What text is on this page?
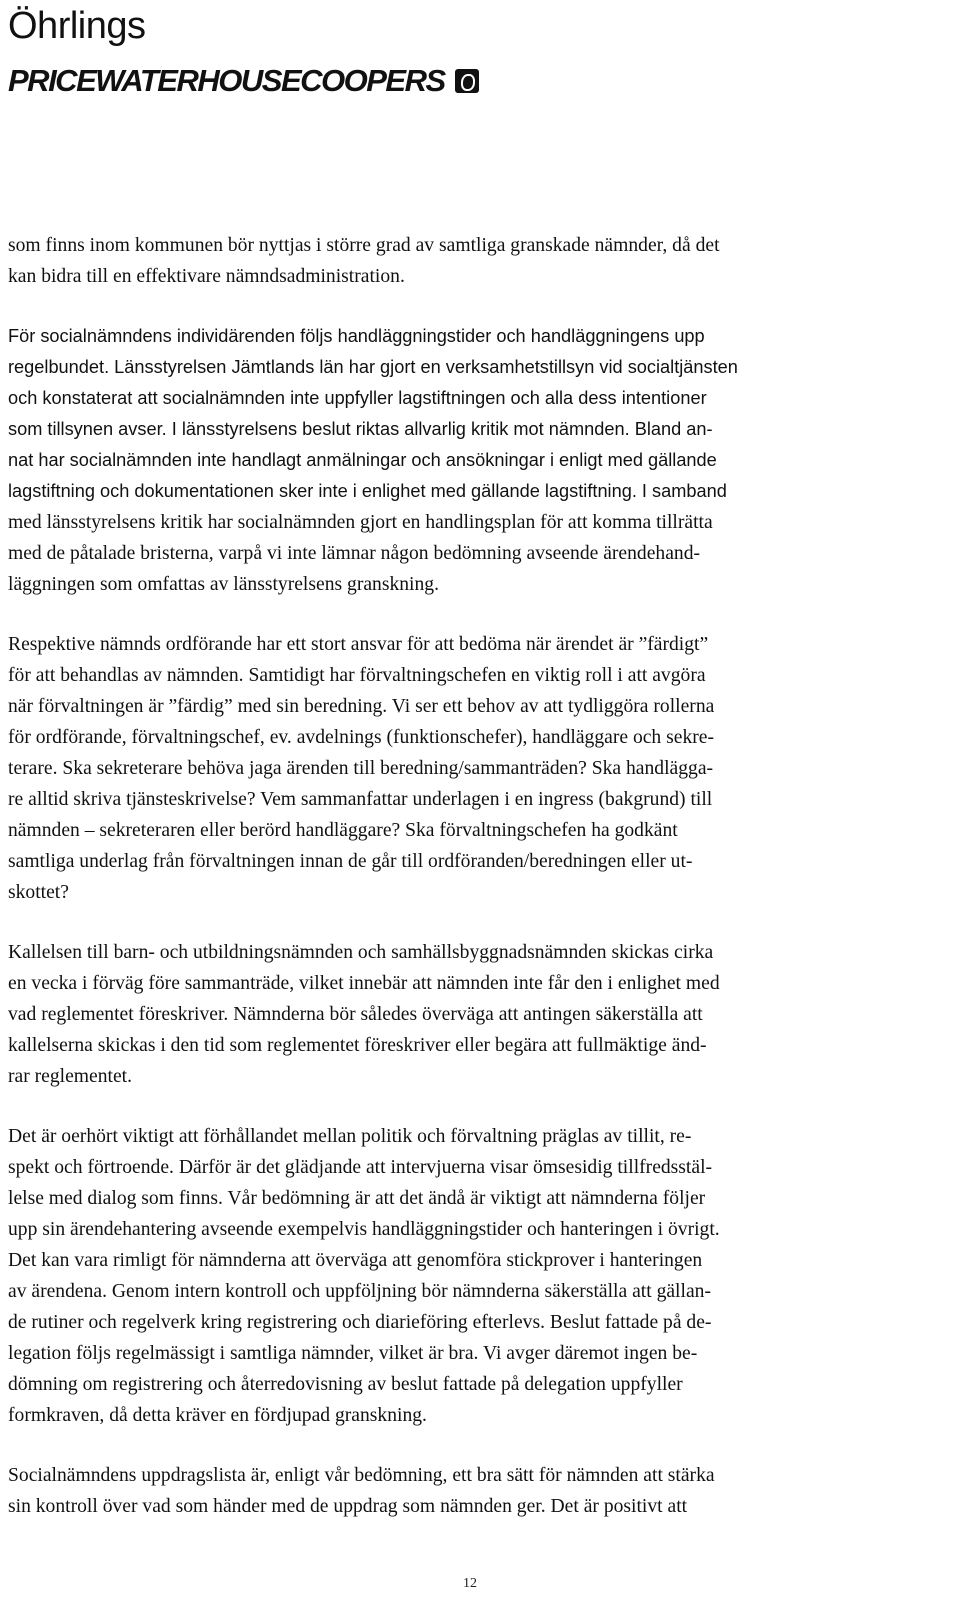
Öhrlings
PRICEWATERHOUSECOOPERS

som finns inom kommunen bör nyttjas i större grad av samtliga granskade nämnder, då det
kan bidra till en effektivare nämndsadministration.

För socialnämndens individärenden följs handläggningstider och handläggningens upp
regelbundet. Länsstyrelsen Jämtlands län har gjort en verksamhetstillsyn vid socialtjänsten
och konstaterat att socialnämnden inte uppfyller lagstiftningen och alla dess intentioner
som tillsynen avser. I länsstyrelsens beslut riktas allvarlig kritik mot nämnden. Bland an-
nat har socialnämnden inte handlagt anmälningar och ansökningar i enligt med gällande
lagstiftning och dokumentationen sker inte i enlighet med gällande lagstiftning. I samband
med länsstyrelsens kritik har socialnämnden gjort en handlingsplan för att komma tillrätta
med de påtalade bristerna, varpå vi inte lämnar någon bedömning avseende ärendehand-
läggningen som omfattas av länsstyrelsens granskning.

Respektive nämnds ordförande har ett stort ansvar för att bedöma när ärendet är ”färdigt”
för att behandlas av nämnden. Samtidigt har förvaltningschefen en viktig roll i att avgöra
när förvaltningen är ”färdig” med sin beredning. Vi ser ett behov av att tydliggöra rollerna
för ordförande, förvaltningschef, ev. avdelnings (funktionschefer), handläggare och sekre-
terare. Ska sekreterare behöva jaga ärenden till beredning/sammanträden? Ska handlägga-
re alltid skriva tjänsteskrivelse? Vem sammanfattar underlagen i en ingress (bakgrund) till
nämnden – sekreteraren eller berörd handläggare? Ska förvaltningschefen ha godkänt
samtliga underlag från förvaltningen innan de går till ordföranden/beredningen eller ut-
skottet?

Kallelsen till barn- och utbildningsnämnden och samhällsbyggnadsnämnden skickas cirka
en vecka i förväg före sammanträde, vilket innebär att nämnden inte får den i enlighet med
vad reglementet föreskriver. Nämnderna bör således överväga att antingen säkerställa att
kallelserna skickas i den tid som reglementet föreskriver eller begära att fullmäktige änd-
rar reglementet.

Det är oerhört viktigt att förhållandet mellan politik och förvaltning präglas av tillit, re-
spekt och förtroende. Därför är det glädjande att intervjuerna visar ömsesidig tillfredsstäl-
lelse med dialog som finns. Vår bedömning är att det ändå är viktigt att nämnderna följer
upp sin ärendehantering avseende exempelvis handläggningstider och hanteringen i övrigt.
Det kan vara rimligt för nämnderna att överväga att genomföra stickprover i hanteringen
av ärendena. Genom intern kontroll och uppföljning bör nämnderna säkerställa att gällan-
de rutiner och regelverk kring registrering och diarieföring efterlevs. Beslut fattade på de-
legation följs regelmässigt i samtliga nämnder, vilket är bra. Vi avger däremot ingen be-
dömning om registrering och återredovisning av beslut fattade på delegation uppfyller
formkraven, då detta kräver en fördjupad granskning.

Socialnämndens uppdragslista är, enligt vår bedömning, ett bra sätt för nämnden att stärka
sin kontroll över vad som händer med de uppdrag som nämnden ger. Det är positivt att

12
